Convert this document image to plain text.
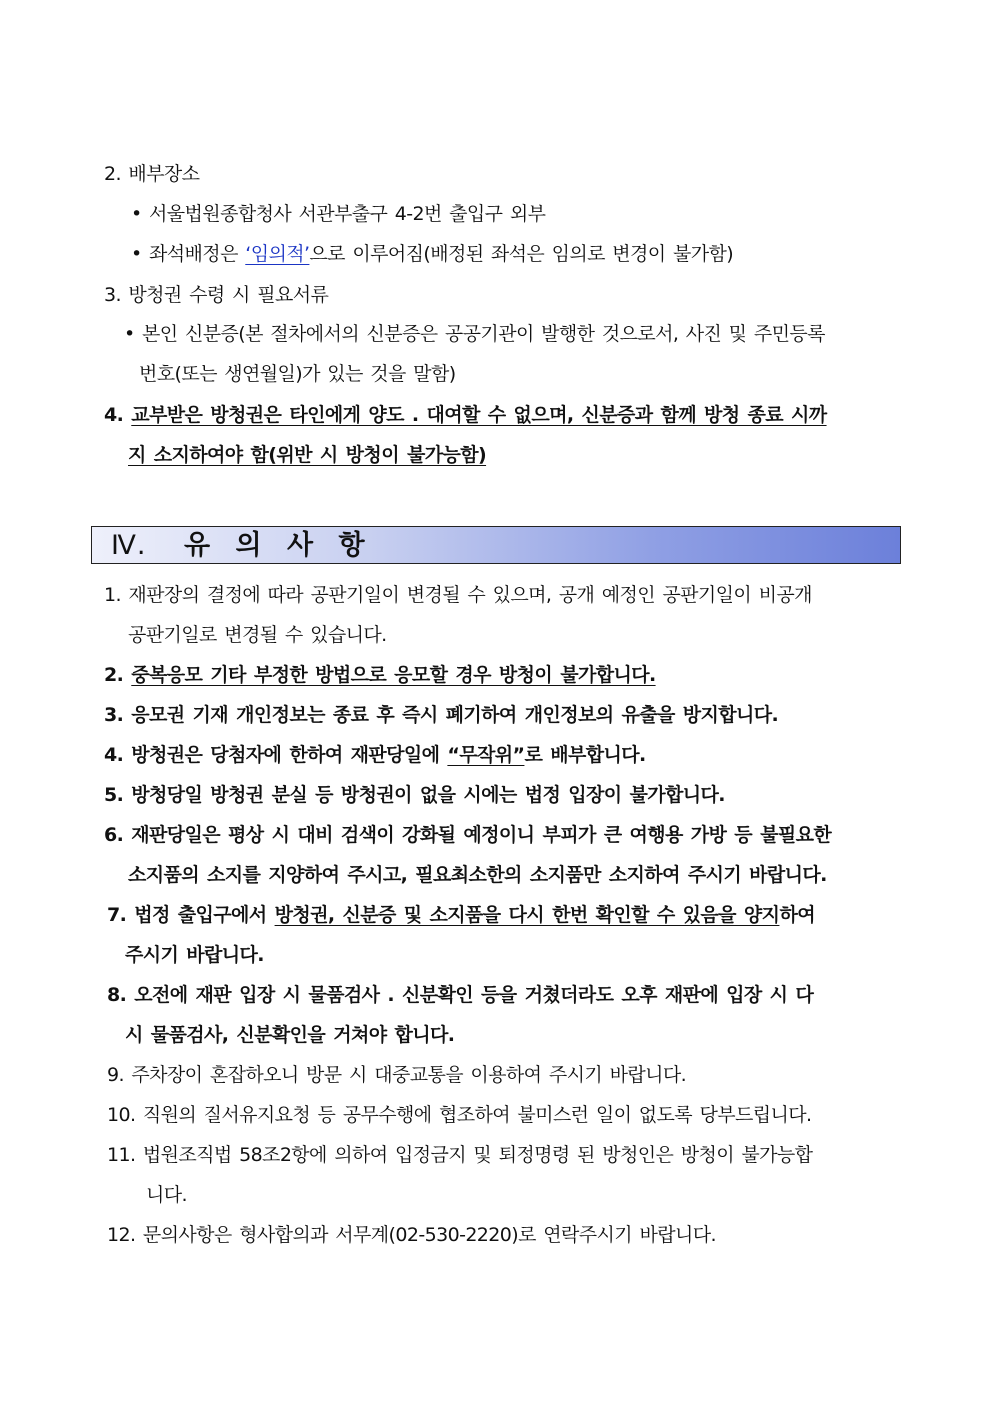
2. 배부장소
• 서울법원종합청사 서관부출구 4-2번 출입구 외부
• 좌석배정은 ‘임의적’으로 이루어짐(배정된 좌석은 임의로 변경이 불가함)
3. 방청권 수령 시 필요서류
• 본인 신분증(본 절차에서의 신분증은 공공기관이 발행한 것으로서, 사진 및 주민등록
번호(또는 생연월일)가 있는 것을 말함)
4. 교부받은 방청권은 타인에게 양도 . 대여할 수 없으며, 신분증과 함께 방청 종료 시까
지 소지하여야 함(위반 시 방청이 불가능함)
Ⅳ. 유 의 사 항
1. 재판장의 결정에 따라 공판기일이 변경될 수 있으며, 공개 예정인 공판기일이 비공개
공판기일로 변경될 수 있습니다.
2. 중복응모 기타 부정한 방법으로 응모할 경우 방청이 불가합니다.
3. 응모권 기재 개인정보는 종료 후 즉시 폐기하여 개인정보의 유출을 방지합니다.
4. 방청권은 당첨자에 한하여 재판당일에 “무작위”로 배부합니다.
5. 방청당일 방청권 분실 등 방청권이 없을 시에는 법정 입장이 불가합니다.
6. 재판당일은 평상 시 대비 검색이 강화될 예정이니 부피가 큰 여행용 가방 등 불필요한
소지품의 소지를 지양하여 주시고, 필요최소한의 소지품만 소지하여 주시기 바랍니다.
7. 법정 출입구에서 방청권, 신분증 및 소지품을 다시 한번 확인할 수 있음을 양지하여
주시기 바랍니다.
8. 오전에 재판 입장 시 물품검사 . 신분확인 등을 거쳤더라도 오후 재판에 입장 시 다
시 물품검사, 신분확인을 거쳐야 합니다.
9. 주차장이 혼잡하오니 방문 시 대중교통을 이용하여 주시기 바랍니다.
10. 직원의 질서유지요청 등 공무수행에 협조하여 불미스런 일이 없도록 당부드립니다.
11. 법원조직법 58조2항에 의하여 입정금지 및 퇴정명령 된 방청인은 방청이 불가능합
니다.
12. 문의사항은 형사합의과 서무계(02-530-2220)로 연락주시기 바랍니다.
